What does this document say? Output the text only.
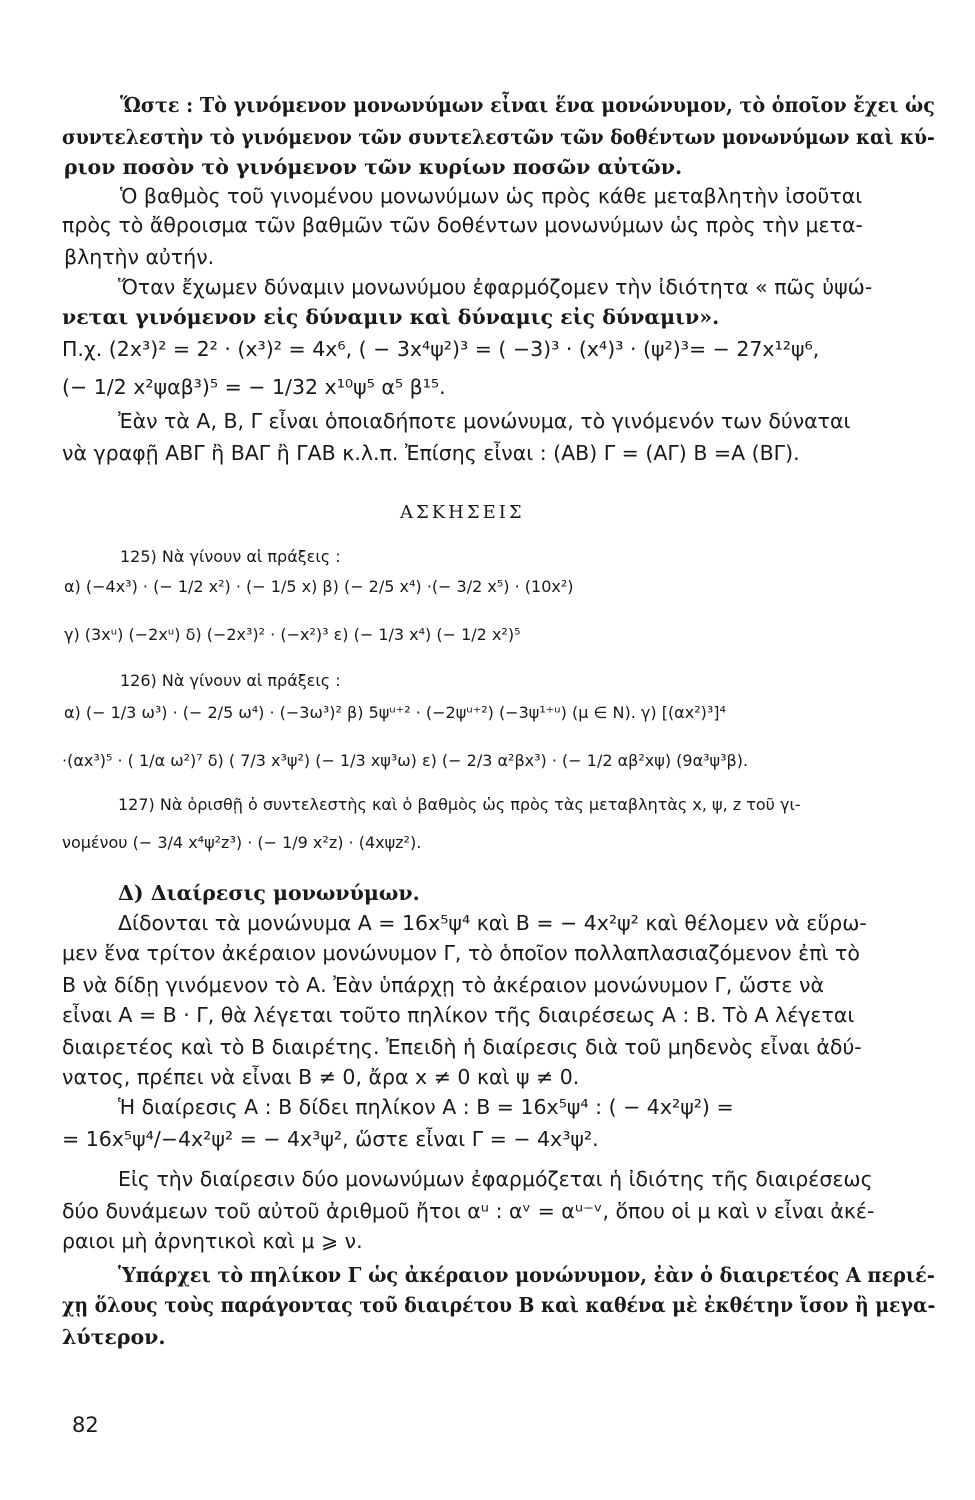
Ὥστε : Τὸ γινόμενον μονωνύμων εἶναι ἕνα μονώνυμον, τὸ ὁποῖον ἔχει ὡς
συντελεστὴν τὸ γινόμενον τῶν συντελεστῶν τῶν δοθέντων μονωνύμων καὶ κύ-
ριον ποσὸν τὸ γινόμενον τῶν κυρίων ποσῶν αὐτῶν.
Ὁ βαθμὸς τοῦ γινομένου μονωνύμων ὡς πρὸς κάθε μεταβλητὴν ἰσοῦται
πρὸς τὸ ἄθροισμα τῶν βαθμῶν τῶν δοθέντων μονωνύμων ὡς πρὸς τὴν μετα-
βλητὴν αὐτήν.
Ὅταν ἔχωμεν δύναμιν μονωνύμου ἐφαρμόζομεν τὴν ἰδιότητα « πῶς ὑψώ-
νεται γινόμενον εἰς δύναμιν καὶ δύναμις εἰς δύναμιν».
Π.χ. (2x³)² = 2² · (x³)² = 4x⁶, ( − 3x⁴ψ²)³ = ( −3)³ · (x⁴)³ · (ψ²)³= − 27x¹²ψ⁶,
(− 1/2 x²ψαβ³)⁵ = − 1/32 x¹⁰ψ⁵ α⁵ β¹⁵.
Ἐὰν τὰ Α, Β, Γ εἶναι ὁποιαδήποτε μονώνυμα, τὸ γινόμενόν των δύναται
νὰ γραφῇ ΑΒΓ ἢ ΒΑΓ ἢ ΓΑΒ κ.λ.π. Ἐπίσης εἶναι : (ΑΒ) Γ = (ΑΓ) Β =Α (ΒΓ).
ΑΣΚΗΣΕΙΣ
125) Νὰ γίνουν αἱ πράξεις :
α) (−4x³) · (− 1/2 x²) · (− 1/5 x) β) (− 2/5 x⁴) ·(− 3/2 x⁵) · (10x²)
γ) (3xᵘ) (−2xᵘ) δ) (−2x³)² · (−x²)³ ε) (− 1/3 x⁴) (− 1/2 x²)⁵
126) Νὰ γίνουν αἱ πράξεις :
α) (− 1/3 ω³) · (− 2/5 ω⁴) · (−3ω³)² β) 5ψᵘ⁺² · (−2ψᵘ⁺²) (−3ψ¹⁺ᵘ) (μ ∈ N). γ) [(αx²)³]⁴
·(αx³)⁵ · ( 1/α ω²)⁷ δ) ( 7/3 x³ψ²) (− 1/3 xψ³ω) ε) (− 2/3 α²βx³) · (− 1/2 αβ²xψ) (9α³ψ³β).
127) Νὰ ὁρισθῇ ὁ συντελεστὴς καὶ ὁ βαθμὸς ὡς πρὸς τὰς μεταβλητὰς x, ψ, z τοῦ γι-
νομένου (− 3/4 x⁴ψ²z³) · (− 1/9 x²z) · (4xψz²).
Δ) Διαίρεσις μονωνύμων.
Δίδονται τὰ μονώνυμα Α = 16x⁵ψ⁴ καὶ Β = − 4x²ψ² καὶ θέλομεν νὰ εὕρω-
μεν ἕνα τρίτον ἀκέραιον μονώνυμον Γ, τὸ ὁποῖον πολλαπλασιαζόμενον ἐπὶ τὸ
Β νὰ δίδῃ γινόμενον τὸ Α. Ἐὰν ὑπάρχῃ τὸ ἀκέραιον μονώνυμον Γ, ὥστε νὰ
εἶναι Α = Β · Γ, θὰ λέγεται τοῦτο πηλίκον τῆς διαιρέσεως Α : Β. Τὸ Α λέγεται
διαιρετέος καὶ τὸ Β διαιρέτης. Ἐπειδὴ ἡ διαίρεσις διὰ τοῦ μηδενὸς εἶναι ἀδύ-
νατος, πρέπει νὰ εἶναι Β ≠ 0, ἄρα x ≠ 0 καὶ ψ ≠ 0.
Ἡ διαίρεσις Α : Β δίδει πηλίκον Α : Β = 16x⁵ψ⁴ : ( − 4x²ψ²) =
= 16x⁵ψ⁴/−4x²ψ² = − 4x³ψ², ὥστε εἶναι Γ = − 4x³ψ².
Εἰς τὴν διαίρεσιν δύο μονωνύμων ἐφαρμόζεται ἡ ἰδιότης τῆς διαιρέσεως
δύο δυνάμεων τοῦ αὐτοῦ ἀριθμοῦ ἤτοι αᵘ : αᵛ = αᵘ⁻ᵛ, ὅπου οἱ μ καὶ ν εἶναι ἀκέ-
ραιοι μὴ ἀρνητικοὶ καὶ μ ⩾ ν.
Ὑπάρχει τὸ πηλίκον Γ ὡς ἀκέραιον μονώνυμον, ἐὰν ὁ διαιρετέος Α περιέ-
χῃ ὅλους τοὺς παράγοντας τοῦ διαιρέτου Β καὶ καθένα μὲ ἐκθέτην ἴσον ἢ μεγα-
λύτερον.
82
